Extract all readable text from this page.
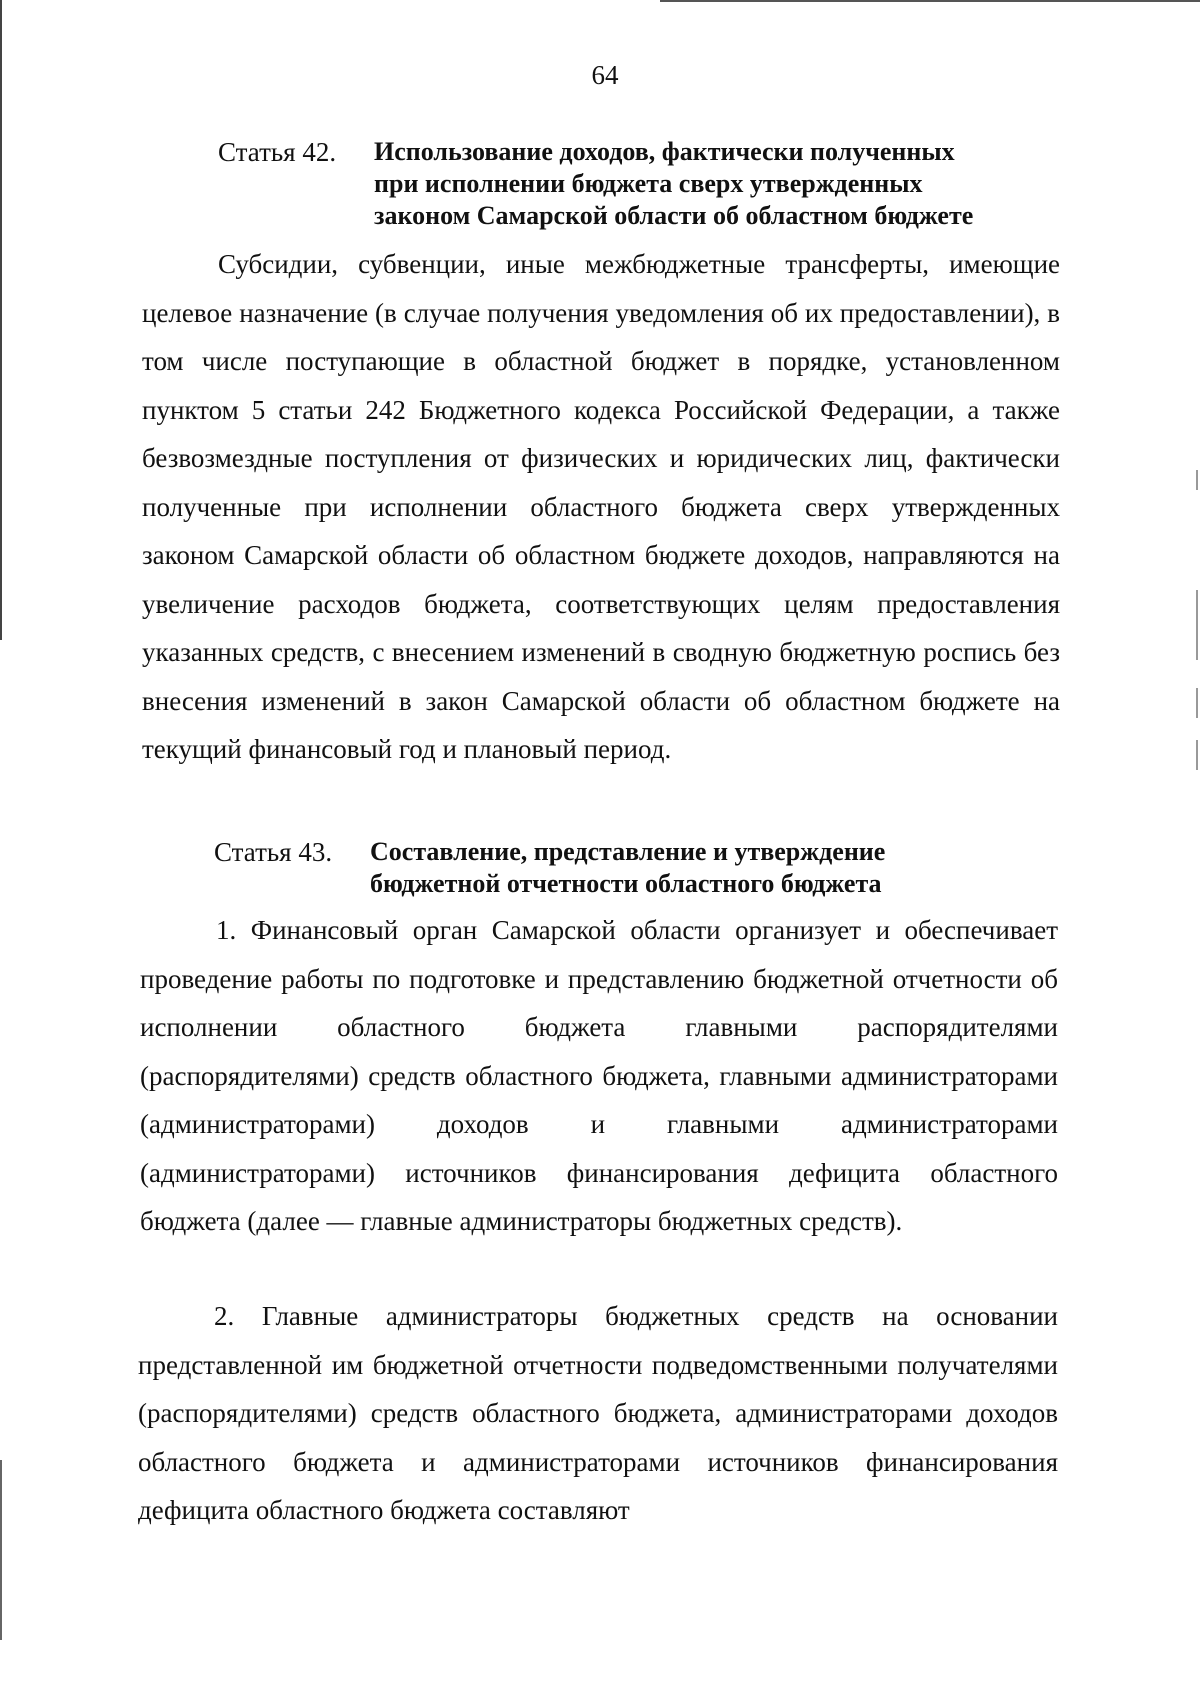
64
Статья 42.	Использование доходов, фактически полученных
при исполнении бюджета сверх утвержденных
законом Самарской области об областном бюджете

Субсидии, субвенции, иные межбюджетные трансферты, имеющие целевое назначение (в случае получения уведомления об их предоставлении), в том числе поступающие в областной бюджет в порядке, установленном пунктом 5 статьи 242 Бюджетного кодекса Российской Федерации, а также безвозмездные поступления от физических и юридических лиц, фактически полученные при исполнении областного бюджета сверх утвержденных законом Самарской области об областном бюджете доходов, направляются на увеличение расходов бюджета, соответствующих целям предоставления указанных средств, с внесением изменений в сводную бюджетную роспись без внесения изменений в закон Самарской области об областном бюджете на текущий финансовый год и плановый период.

Статья 43.	Составление, представление и утверждение
бюджетной отчетности областного бюджета

1. Финансовый орган Самарской области организует и обеспечивает проведение работы по подготовке и представлению бюджетной отчетности об исполнении областного бюджета главными распорядителями (распорядителями) средств областного бюджета, главными администраторами (администраторами) доходов и главными администраторами (администраторами) источников финансирования дефицита областного бюджета (далее — главные администраторы бюджетных средств).

2. Главные администраторы бюджетных средств на основании представленной им бюджетной отчетности подведомственными получателями (распорядителями) средств областного бюджета, администраторами доходов областного бюджета и администраторами источников финансирования дефицита областного бюджета составляют
